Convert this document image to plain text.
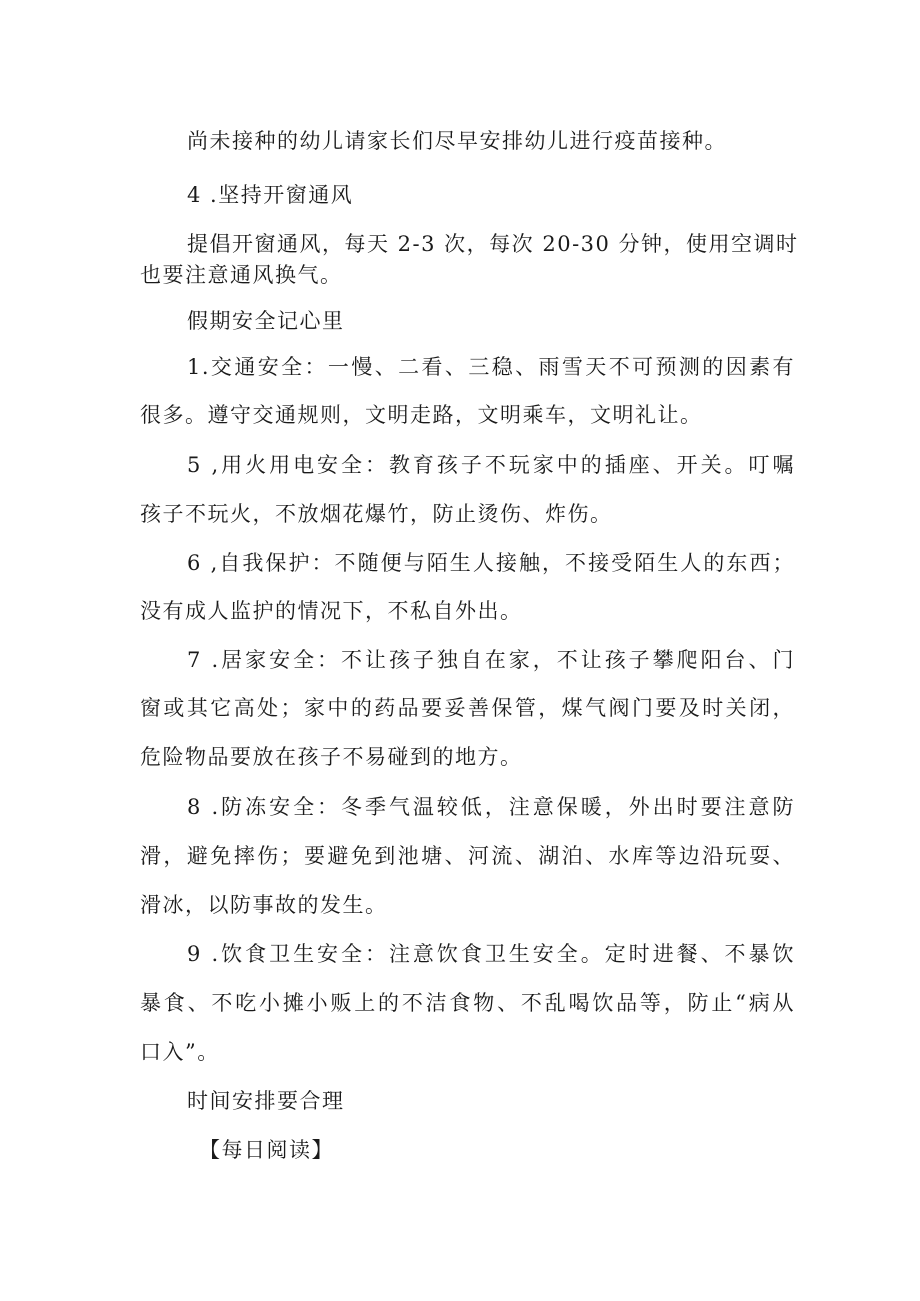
尚未接种的幼儿请家长们尽早安排幼儿进行疫苗接种。
4 .坚持开窗通风
提倡开窗通风，每天 2-3 次，每次 20-30 分钟，使用空调时
也要注意通风换气。
假期安全记心里
1.交通安全：一慢、二看、三稳、雨雪天不可预测的因素有
很多。遵守交通规则，文明走路，文明乘车，文明礼让。
5 ,用火用电安全：教育孩子不玩家中的插座、开关。叮嘱
孩子不玩火，不放烟花爆竹，防止烫伤、炸伤。
6 ,自我保护：不随便与陌生人接触，不接受陌生人的东西；
没有成人监护的情况下，不私自外出。
7 .居家安全：不让孩子独自在家，不让孩子攀爬阳台、门
窗或其它高处；家中的药品要妥善保管，煤气阀门要及时关闭，
危险物品要放在孩子不易碰到的地方。
8 .防冻安全：冬季气温较低，注意保暖，外出时要注意防
滑，避免摔伤；要避免到池塘、河流、湖泊、水库等边沿玩耍、
滑冰，以防事故的发生。
9 .饮食卫生安全：注意饮食卫生安全。定时进餐、不暴饮
暴食、不吃小摊小贩上的不洁食物、不乱喝饮品等，防止“病从
口入”。
时间安排要合理
【每日阅读】
